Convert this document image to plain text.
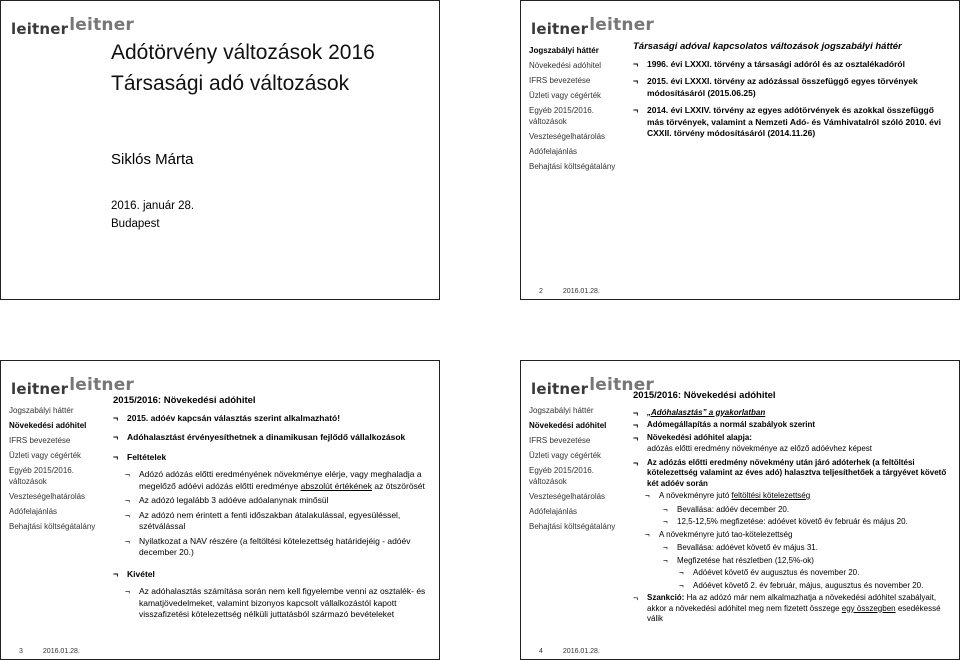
leitnerleitner
Adótörvény változások 2016
Társasági adó változások
Siklós Márta
2016. január 28.
Budapest
leitnerleitner
Jogszabályi háttér
Növekedési adóhitel
IFRS bevezetése
Üzleti vagy cégérték
Egyéb 2015/2016. változások
Veszteségelhatárolás
Adófelajánlás
Behajtási költségátalány
Társasági adóval kapcsolatos változások jogszabályi háttér
¬ 1996. évi LXXXI. törvény a társasági adóról és az osztalékadóról
¬ 2015. évi LXXXI. törvény az adózással összefüggő egyes törvények módosításáról (2015.06.25)
¬ 2014. évi LXXIV. törvény az egyes adótörvények és azokkal összefüggő más törvények, valamint a Nemzeti Adó- és Vámhivatalról szóló 2010. évi CXXII. törvény módosításáról (2014.11.26)
2	2016.01.28.
leitnerleitner
Jogszabályi háttér
Növekedési adóhitel
IFRS bevezetése
Üzleti vagy cégérték
Egyéb 2015/2016. változások
Veszteségelhatárolás
Adófelajánlás
Behajtási költségátalány
2015/2016: Növekedési adóhitel
¬ 2015. adóév kapcsán választás szerint alkalmazható!
¬ Adóhalasztást érvényesíthetnek a dinamikusan fejlődő vállalkozások
¬ Feltételek
¬ Adózó adózás előtti eredményének növekménye elérje, vagy meghaladja a megelőző adóévi adózás előtti eredménye abszolút értékének az ötszörösét
¬ Az adózó legalább 3 adóéve adóalanynak minősül
¬ Az adózó nem érintett a fenti időszakban átalakulással, egyesüléssel, szétválással
¬ Nyilatkozat a NAV részére (a feltöltési kötelezettség határidejéig - adóév december 20.)
¬ Kivétel
¬ Az adóhalasztás számítása során nem kell figyelembe venni az osztalék- és kamatjövedelmeket, valamint bizonyos kapcsolt vállalkozástól kapott visszafizetési kötelezettség nélküli juttatásból származó bevételeket
3	2016.01.28.
leitnerleitner
Jogszabályi háttér
Növekedési adóhitel
IFRS bevezetése
Üzleti vagy cégérték
Egyéb 2015/2016. változások
Veszteségelhatárolás
Adófelajánlás
Behajtási költségátalány
2015/2016: Növekedési adóhitel
¬ „Adóhalasztás” a gyakorlatban
¬ Adómegállapítás a normál szabályok szerint
¬ Növekedési adóhitel alapja:
adózás előtti eredmény növekménye az előző adóévhez képest
¬ Az adózás előtti eredmény növekmény után járó adóterhek (a feltöltési kötelezettség valamint az éves adó) halasztva teljesíthetőek a tárgyévet követő két adóév során
¬ A növekményre jutó feltöltési kötelezettség
¬ Bevallása: adóév december 20.
¬ 12,5-12,5% megfizetése: adóévet követő év február és május 20.
¬ A növekményre jutó tao-kötelezettség
¬ Bevallása: adóévet követő év május 31.
¬ Megfizetése hat részletben (12,5%-ok)
¬ Adóévet követő év augusztus és november 20.
¬ Adóévet követő 2. év február, május, augusztus és november 20.
¬ Szankció: Ha az adózó már nem alkalmazhatja a növekedési adóhitel szabályait, akkor a növekedési adóhitel meg nem fizetett összege egy összegben esedékessé válik
4	2016.01.28.
